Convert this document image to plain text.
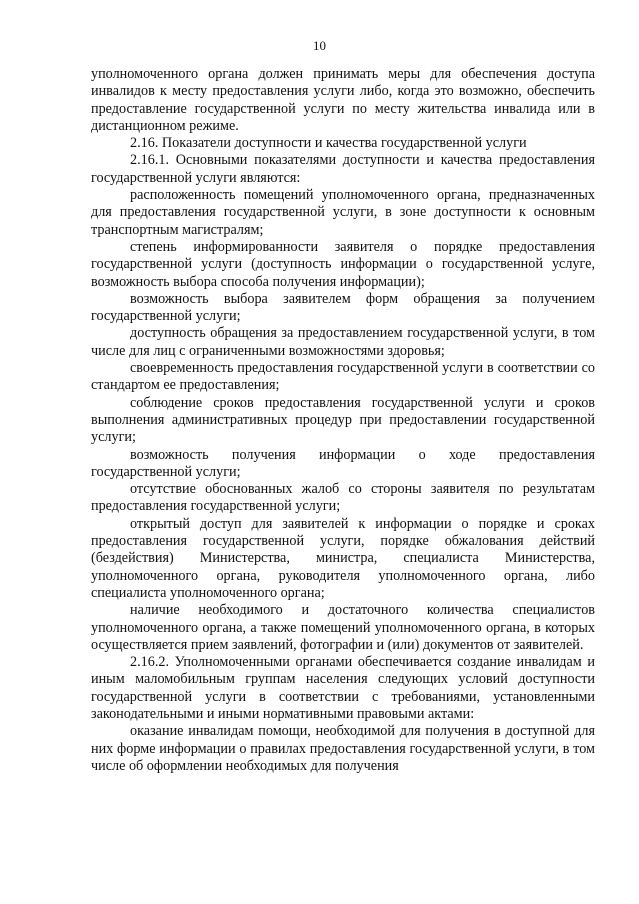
10

уполномоченного органа должен принимать меры для обеспечения доступа инвалидов к месту предоставления услуги либо, когда это возможно, обеспечить предоставление государственной услуги по месту жительства инвалида или в дистанционном режиме.

2.16. Показатели доступности и качества государственной услуги

2.16.1. Основными показателями доступности и качества предоставления государственной услуги являются:

расположенность помещений уполномоченного органа, предназначенных для предоставления государственной услуги, в зоне доступности к основным транспортным магистралям;

степень информированности заявителя о порядке предоставления государственной услуги (доступность информации о государственной услуге, возможность выбора способа получения информации);

возможность выбора заявителем форм обращения за получением государственной услуги;

доступность обращения за предоставлением государственной услуги, в том числе для лиц с ограниченными возможностями здоровья;

своевременность предоставления государственной услуги в соответствии со стандартом ее предоставления;

соблюдение сроков предоставления государственной услуги и сроков выполнения административных процедур при предоставлении государственной услуги;

возможность получения информации о ходе предоставления государственной услуги;

отсутствие обоснованных жалоб со стороны заявителя по результатам предоставления государственной услуги;

открытый доступ для заявителей к информации о порядке и сроках предоставления государственной услуги, порядке обжалования действий (бездействия) Министерства, министра, специалиста Министерства, уполномоченного органа, руководителя уполномоченного органа, либо специалиста уполномоченного органа;

наличие необходимого и достаточного количества специалистов уполномоченного органа, а также помещений уполномоченного органа, в которых осуществляется прием заявлений, фотографии и (или) документов от заявителей.

2.16.2. Уполномоченными органами обеспечивается создание инвалидам и иным маломобильным группам населения следующих условий доступности государственной услуги в соответствии с требованиями, установленными законодательными и иными нормативными правовыми актами:

оказание инвалидам помощи, необходимой для получения в доступной для них форме информации о правилах предоставления государственной услуги, в том числе об оформлении необходимых для получения
